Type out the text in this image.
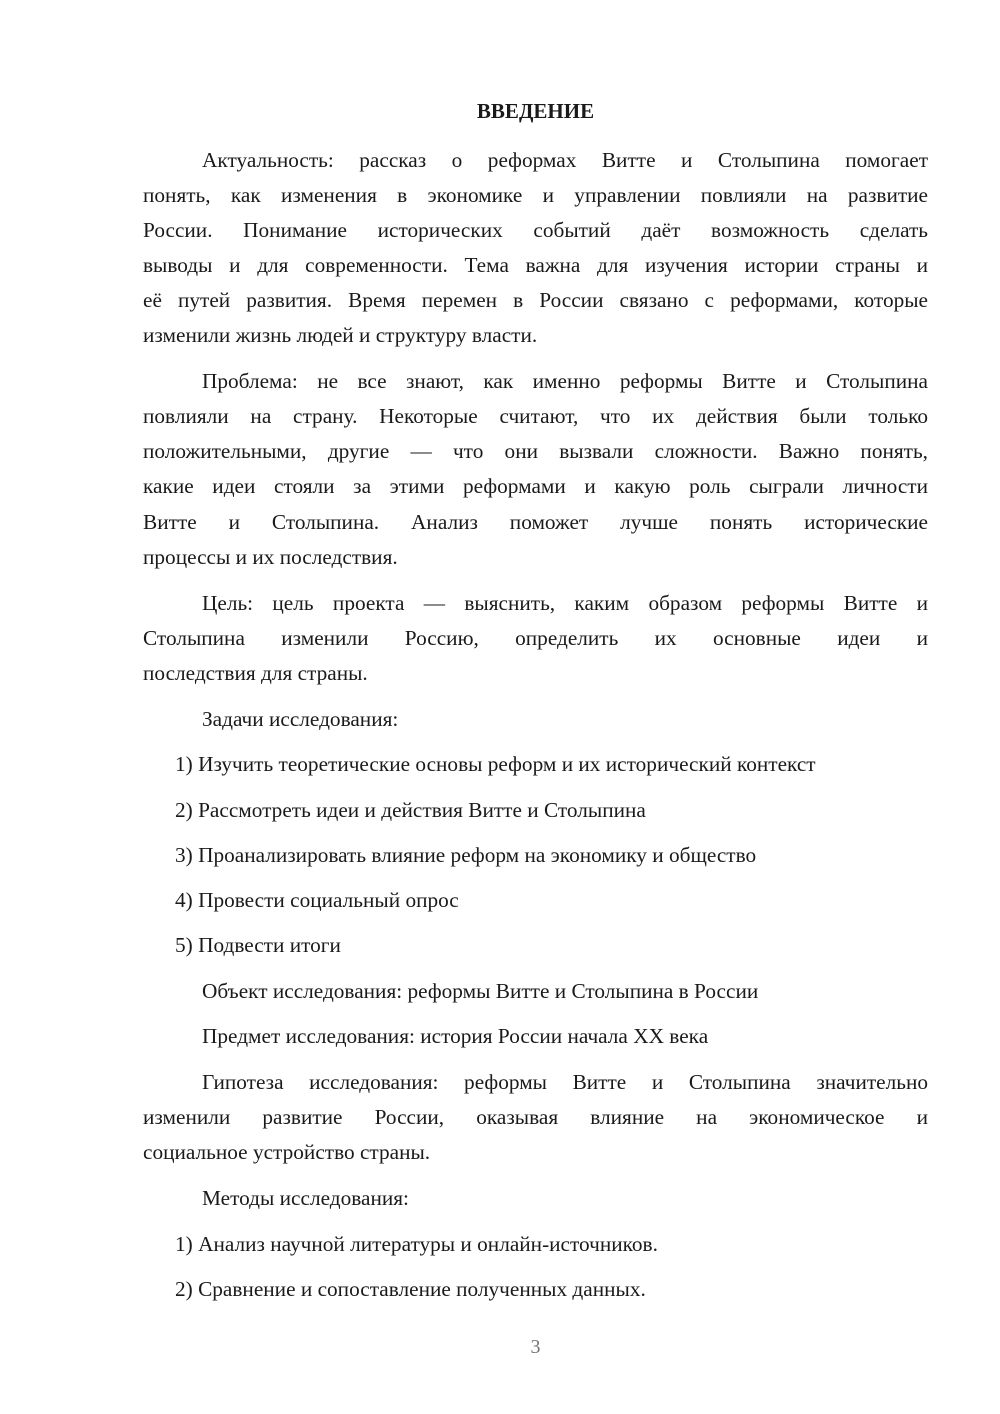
ВВЕДЕНИЕ
Актуальность: рассказ о реформах Витте и Столыпина помогает
понять, как изменения в экономике и управлении повлияли на развитие
России. Понимание исторических событий даёт возможность сделать
выводы и для современности. Тема важна для изучения истории страны и
её путей развития. Время перемен в России связано с реформами, которые
изменили жизнь людей и структуру власти.
Проблема: не все знают, как именно реформы Витте и Столыпина
повлияли на страну. Некоторые считают, что их действия были только
положительными, другие — что они вызвали сложности. Важно понять,
какие идеи стояли за этими реформами и какую роль сыграли личности
Витте и Столыпина. Анализ поможет лучше понять исторические
процессы и их последствия.
Цель: цель проекта — выяснить, каким образом реформы Витте и
Столыпина изменили Россию, определить их основные идеи и
последствия для страны.
Задачи исследования:
1) Изучить теоретические основы реформ и их исторический контекст
2) Рассмотреть идеи и действия Витте и Столыпина
3) Проанализировать влияние реформ на экономику и общество
4) Провести социальный опрос
5) Подвести итоги
Объект исследования: реформы Витте и Столыпина в России
Предмет исследования: история России начала XX века
Гипотеза исследования: реформы Витте и Столыпина значительно
изменили развитие России, оказывая влияние на экономическое и
социальное устройство страны.
Методы исследования:
1) Анализ научной литературы и онлайн-источников.
2) Сравнение и сопоставление полученных данных.
3
